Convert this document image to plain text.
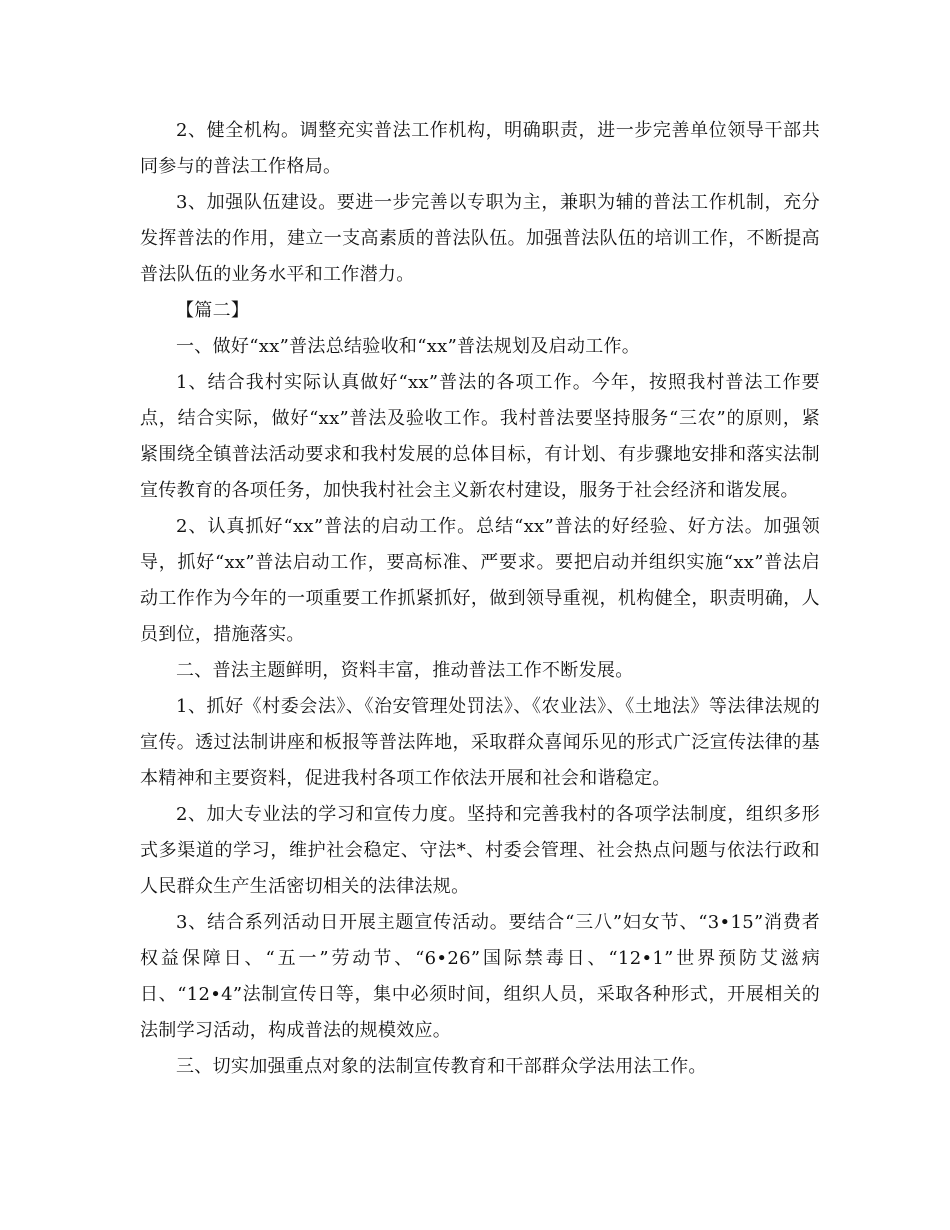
2、健全机构。调整充实普法工作机构，明确职责，进一步完善单位领导干部共同参与的普法工作格局。

3、加强队伍建设。要进一步完善以专职为主，兼职为辅的普法工作机制，充分发挥普法的作用，建立一支高素质的普法队伍。加强普法队伍的培训工作，不断提高普法队伍的业务水平和工作潜力。

【篇二】

一、做好“xx”普法总结验收和“xx”普法规划及启动工作。

1、结合我村实际认真做好“xx”普法的各项工作。今年，按照我村普法工作要点，结合实际，做好“xx”普法及验收工作。我村普法要坚持服务“三农”的原则，紧紧围绕全镇普法活动要求和我村发展的总体目标，有计划、有步骤地安排和落实法制宣传教育的各项任务，加快我村社会主义新农村建设，服务于社会经济和谐发展。

2、认真抓好“xx”普法的启动工作。总结“xx”普法的好经验、好方法。加强领导，抓好“xx”普法启动工作，要高标准、严要求。要把启动并组织实施“xx”普法启动工作作为今年的一项重要工作抓紧抓好，做到领导重视，机构健全，职责明确，人员到位，措施落实。

二、普法主题鲜明，资料丰富，推动普法工作不断发展。

1、抓好《村委会法》、《治安管理处罚法》、《农业法》、《土地法》等法律法规的宣传。透过法制讲座和板报等普法阵地，采取群众喜闻乐见的形式广泛宣传法律的基本精神和主要资料，促进我村各项工作依法开展和社会和谐稳定。

2、加大专业法的学习和宣传力度。坚持和完善我村的各项学法制度，组织多形式多渠道的学习，维护社会稳定、守法*、村委会管理、社会热点问题与依法行政和人民群众生产生活密切相关的法律法规。

3、结合系列活动日开展主题宣传活动。要结合“三八”妇女节、“3•15”消费者权益保障日、“五一”劳动节、“6•26”国际禁毒日、“12•1”世界预防艾滋病日、“12•4”法制宣传日等，集中必须时间，组织人员，采取各种形式，开展相关的法制学习活动，构成普法的规模效应。

三、切实加强重点对象的法制宣传教育和干部群众学法用法工作。
